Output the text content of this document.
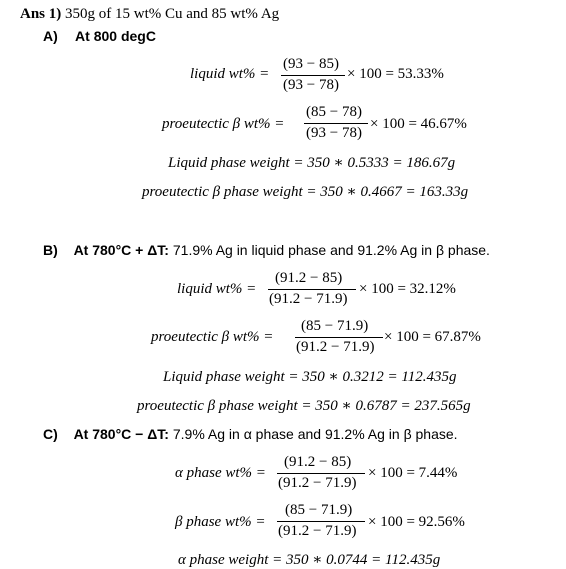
Ans 1) 350g of 15 wt% Cu and 85 wt% Ag
A) At 800 degC
liquid wt% =
(93 − 85)
(93 − 78)
× 100 = 53.33%
proeutectic β wt% =
(85 − 78)
(93 − 78)
× 100 = 46.67%
Liquid phase weight = 350 ∗ 0.5333 = 186.67g
proeutectic β phase weight = 350 ∗ 0.4667 = 163.33g
B) At 780°C + ΔT: 71.9% Ag in liquid phase and 91.2% Ag in β phase.
liquid wt% =
(91.2 − 85)
(91.2 − 71.9)
× 100 = 32.12%
proeutectic β wt% =
(85 − 71.9)
(91.2 − 71.9)
× 100 = 67.87%
Liquid phase weight = 350 ∗ 0.3212 = 112.435g
proeutectic β phase weight = 350 ∗ 0.6787 = 237.565g
C) At 780°C − ΔT: 7.9% Ag in α phase and 91.2% Ag in β phase.
α phase wt% =
(91.2 − 85)
(91.2 − 71.9)
× 100 = 7.44%
β phase wt% =
(85 − 71.9)
(91.2 − 71.9)
× 100 = 92.56%
α phase weight = 350 ∗ 0.0744 = 112.435g
